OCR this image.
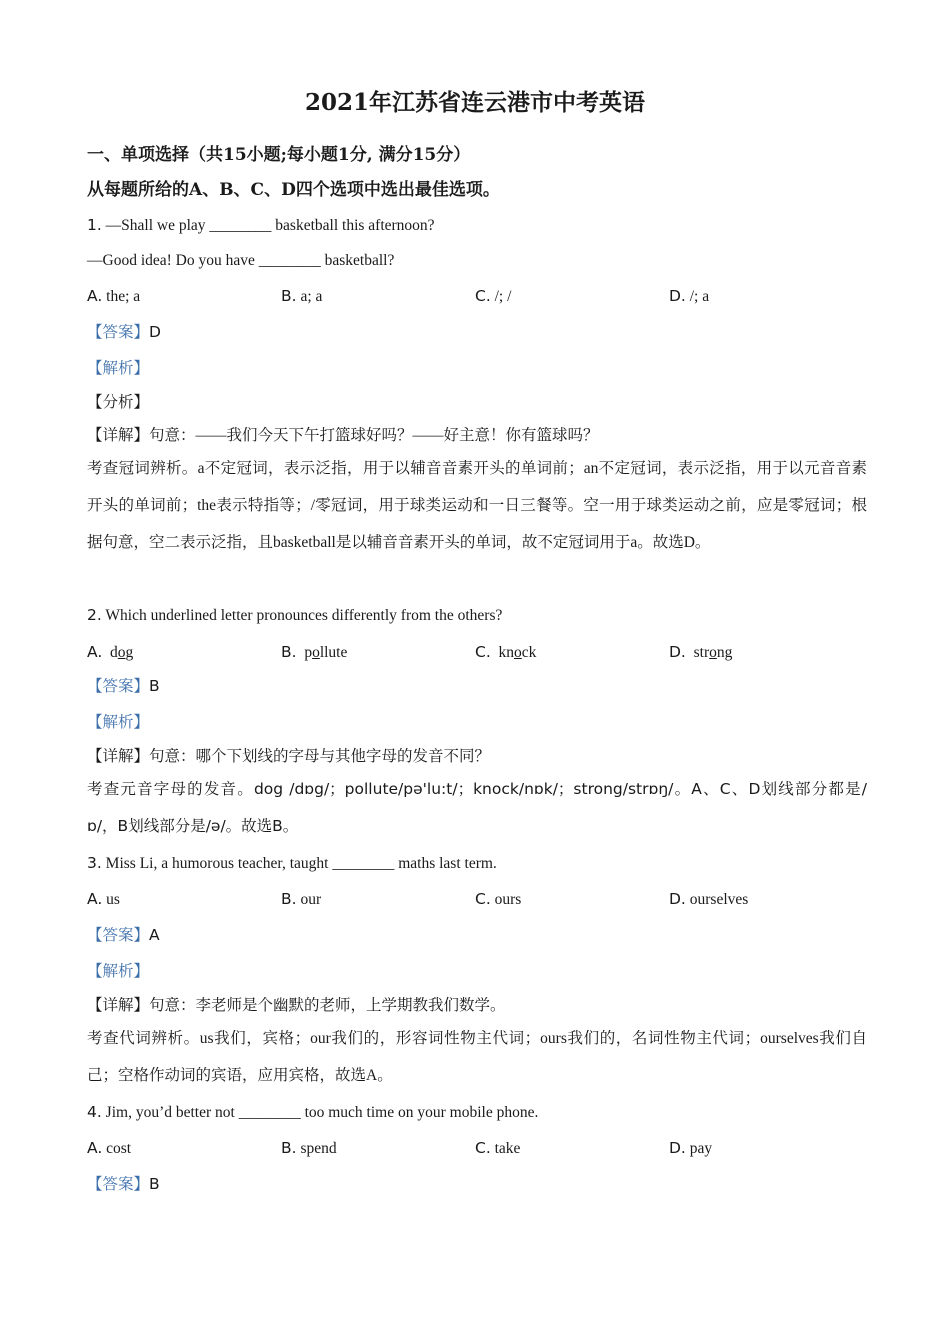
2021年江苏省连云港市中考英语
一、单项选择（共15小题;每小题1分, 满分15分）
从每题所给的A、B、C、D四个选项中选出最佳选项。
1. —Shall we play ________ basketball this afternoon?
—Good idea! Do you have ________ basketball?
A. the; a	B. a; a	C. /; /	D. /; a
【答案】D
【解析】
【分析】
【详解】句意：——我们今天下午打篮球好吗？——好主意！你有篮球吗？
考查冠词辨析。a不定冠词，表示泛指，用于以辅音音素开头的单词前；an不定冠词，表示泛指，用于以元音音素开头的单词前；the表示特指等；/零冠词，用于球类运动和一日三餐等。空一用于球类运动之前，应是零冠词；根据句意，空二表示泛指，且basketball是以辅音音素开头的单词，故不定冠词用于a。故选D。
2. Which underlined letter pronounces differently from the others?
A. dog	B. pollute	C. knock	D. strong
【答案】B
【解析】
【详解】句意：哪个下划线的字母与其他字母的发音不同？
考查元音字母的发音。dog /dɒg/；pollute/pə'lu:t/；knock/nɒk/；strong/strɒŋ/。A、C、D划线部分都是/ɒ/，B划线部分是/ə/。故选B。
3. Miss Li, a humorous teacher, taught ________ maths last term.
A. us	B. our	C. ours	D. ourselves
【答案】A
【解析】
【详解】句意：李老师是个幽默的老师，上学期教我们数学。
考查代词辨析。us我们，宾格；our我们的，形容词性物主代词；ours我们的，名词性物主代词；ourselves我们自己；空格作动词的宾语，应用宾格，故选A。
4. Jim, you’d better not ________ too much time on your mobile phone.
A. cost	B. spend	C. take	D. pay
【答案】B
